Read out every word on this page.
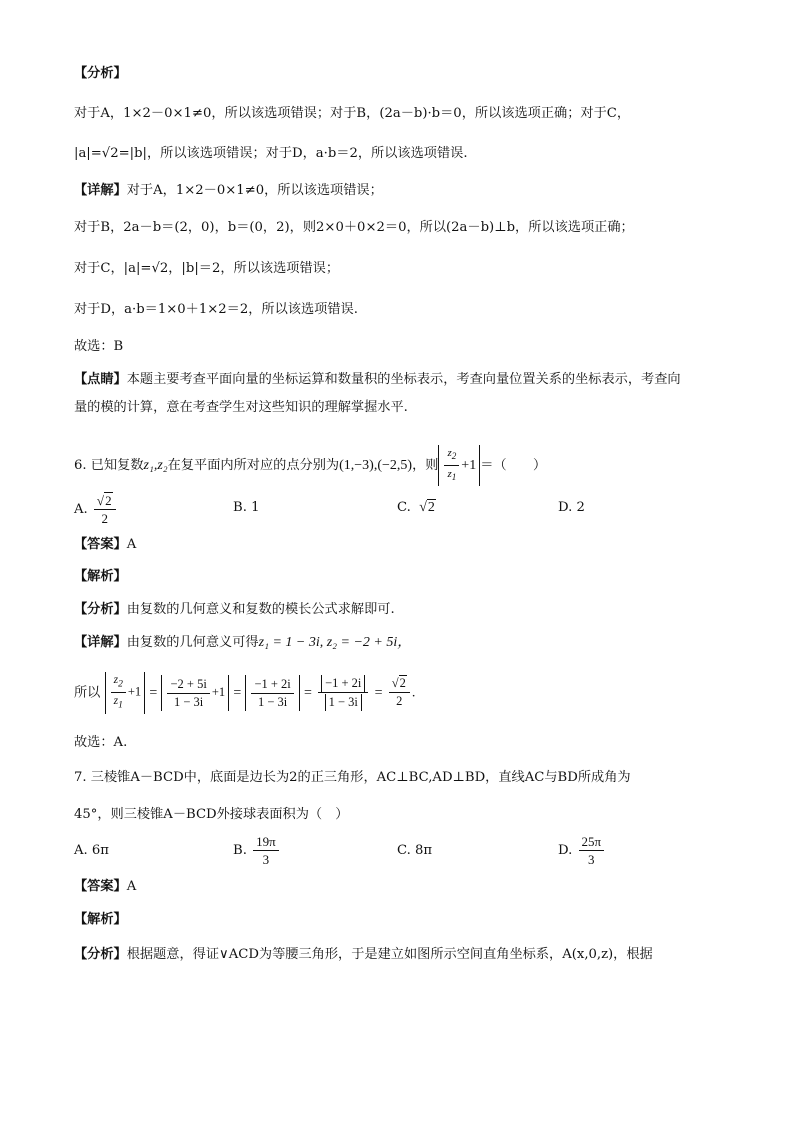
【分析】
对于A，1×2－0×1≠0，所以该选项错误；对于B，(2a－b)·b＝0，所以该选项正确；对于C，
|a|=√2=|b|，所以该选项错误；对于D，a·b＝2，所以该选项错误.
【详解】对于A，1×2－0×1≠0，所以该选项错误；
对于B，2a－b＝(2，0)，b＝(0，2)，则2×0＋0×2＝0，所以(2a－b)⊥b，所以该选项正确；
对于C，|a|=√2，|b|＝2，所以该选项错误；
对于D，a·b＝1×0＋1×2＝2，所以该选项错误.
故选：B
【点睛】本题主要考查平面向量的坐标运算和数量积的坐标表示，考查向量位置关系的坐标表示，考查向
量的模的计算，意在考查学生对这些知识的理解掌握水平.
6. 已知复数z₁,z₂在复平面内所对应的点分别为(1,−3),(−2,5)，则 $\frac{z_2}{z_1} +1$ ＝（　　）
A. $\frac{√2}{2}$	B. 1	C. √2	D. 2
【答案】A
【解析】
【分析】由复数的几何意义和复数的模长公式求解即可.
【详解】由复数的几何意义可得z₁ = 1 − 3i, z₂ = −2 + 5i，
所以 $\frac{z_2}{z_1} +1 = \frac{-2 + 5i}{1 - 3i} +1 = \frac{-1 + 2i}{1 - 3i} = \frac{-1 + 2i}{1 - 3i} = \frac{√2}{2}$ .
故选：A.
7. 三棱锥A－BCD中，底面是边长为2的正三角形，AC⊥BC,AD⊥BD，直线AC与BD所成角为
45°，则三棱锥A－BCD外接球表面积为（　）
A. 6π	B. $\frac{19\pi}{3}$	C. 8π	D. $\frac{25\pi}{3}$
【答案】A
【解析】
【分析】根据题意，得证∨ACD为等腰三角形，于是建立如图所示空间直角坐标系，A(x,0,z)，根据
